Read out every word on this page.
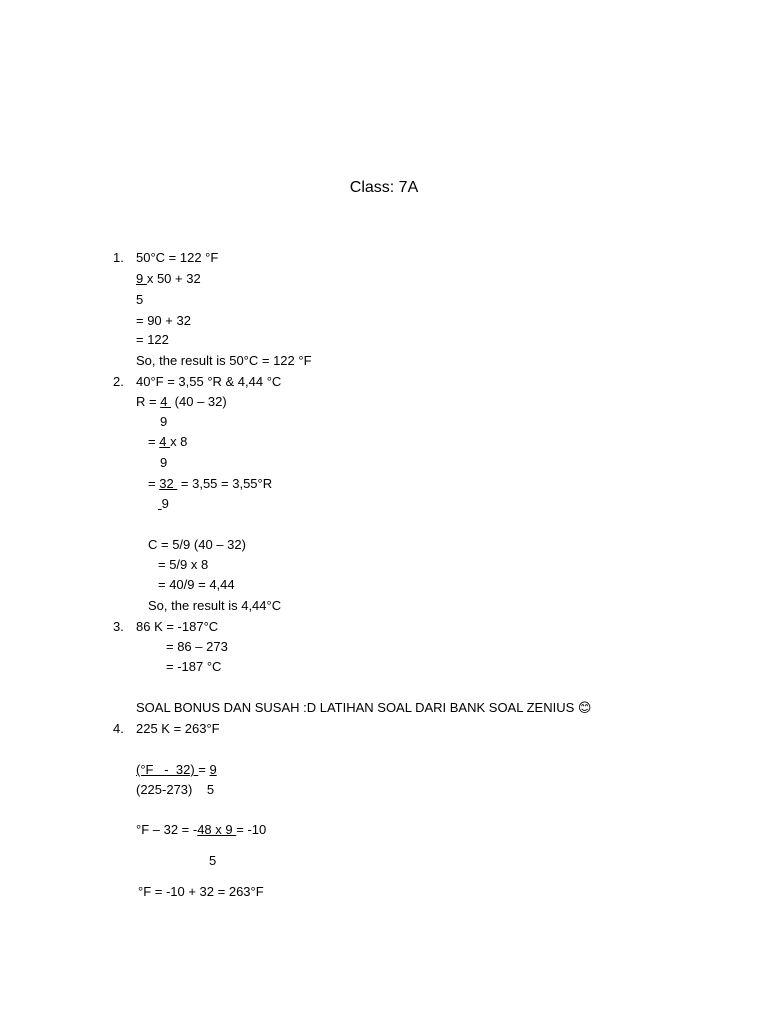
Class: 7A
1. 50°C = 122 °F
9 x 50 + 32
5
= 90 + 32
= 122
So, the result is 50°C = 122 °F
2. 40°F = 3,55 °R & 4,44 °C
R = 4  (40 – 32)
9
= 4 x 8
9
= 32  = 3,55 = 3,55°R
9
C = 5/9 (40 – 32)
= 5/9 x 8
= 40/9 = 4,44
So, the result is 4,44°C
3. 86 K = -187°C
= 86 – 273
= -187 °C
SOAL BONUS DAN SUSAH :D LATIHAN SOAL DARI BANK SOAL ZENIUS 😊
4. 225 K = 263°F
(°F   -  32) = 9
(225-273)    5
°F – 32 = -48 x 9 = -10
5
°F = -10 + 32 = 263°F
